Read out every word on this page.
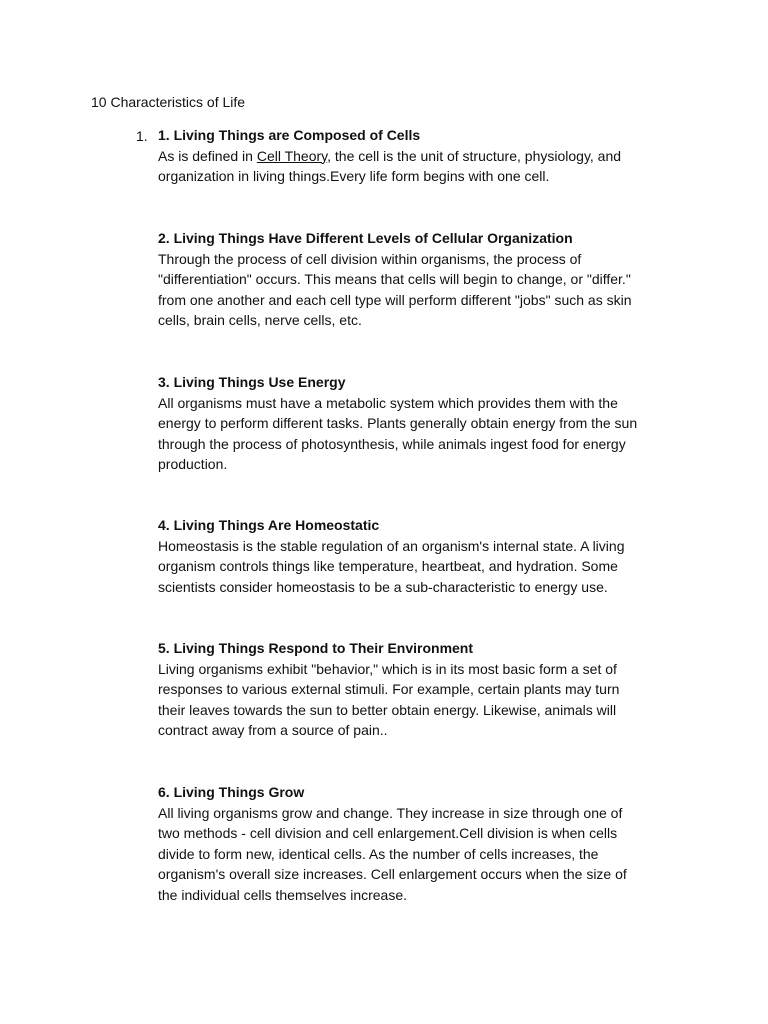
10 Characteristics of Life
1. 1. Living Things are Composed of Cells
As is defined in Cell Theory, the cell is the unit of structure, physiology, and
organization in living things.Every life form begins with one cell.
2. Living Things Have Different Levels of Cellular Organization
Through the process of cell division within organisms, the process of
"differentiation" occurs. This means that cells will begin to change, or "differ."
from one another and each cell type will perform different "jobs" such as skin
cells, brain cells, nerve cells, etc.
3. Living Things Use Energy
All organisms must have a metabolic system which provides them with the
energy to perform different tasks. Plants generally obtain energy from the sun
through the process of photosynthesis, while animals ingest food for energy
production.
4. Living Things Are Homeostatic
Homeostasis is the stable regulation of an organism's internal state. A living
organism controls things like temperature, heartbeat, and hydration. Some
scientists consider homeostasis to be a sub-characteristic to energy use.
5. Living Things Respond to Their Environment
Living organisms exhibit "behavior," which is in its most basic form a set of
responses to various external stimuli. For example, certain plants may turn
their leaves towards the sun to better obtain energy. Likewise, animals will
contract away from a source of pain..
6. Living Things Grow
All living organisms grow and change. They increase in size through one of
two methods - cell division and cell enlargement.Cell division is when cells
divide to form new, identical cells. As the number of cells increases, the
organism's overall size increases. Cell enlargement occurs when the size of
the individual cells themselves increase.
